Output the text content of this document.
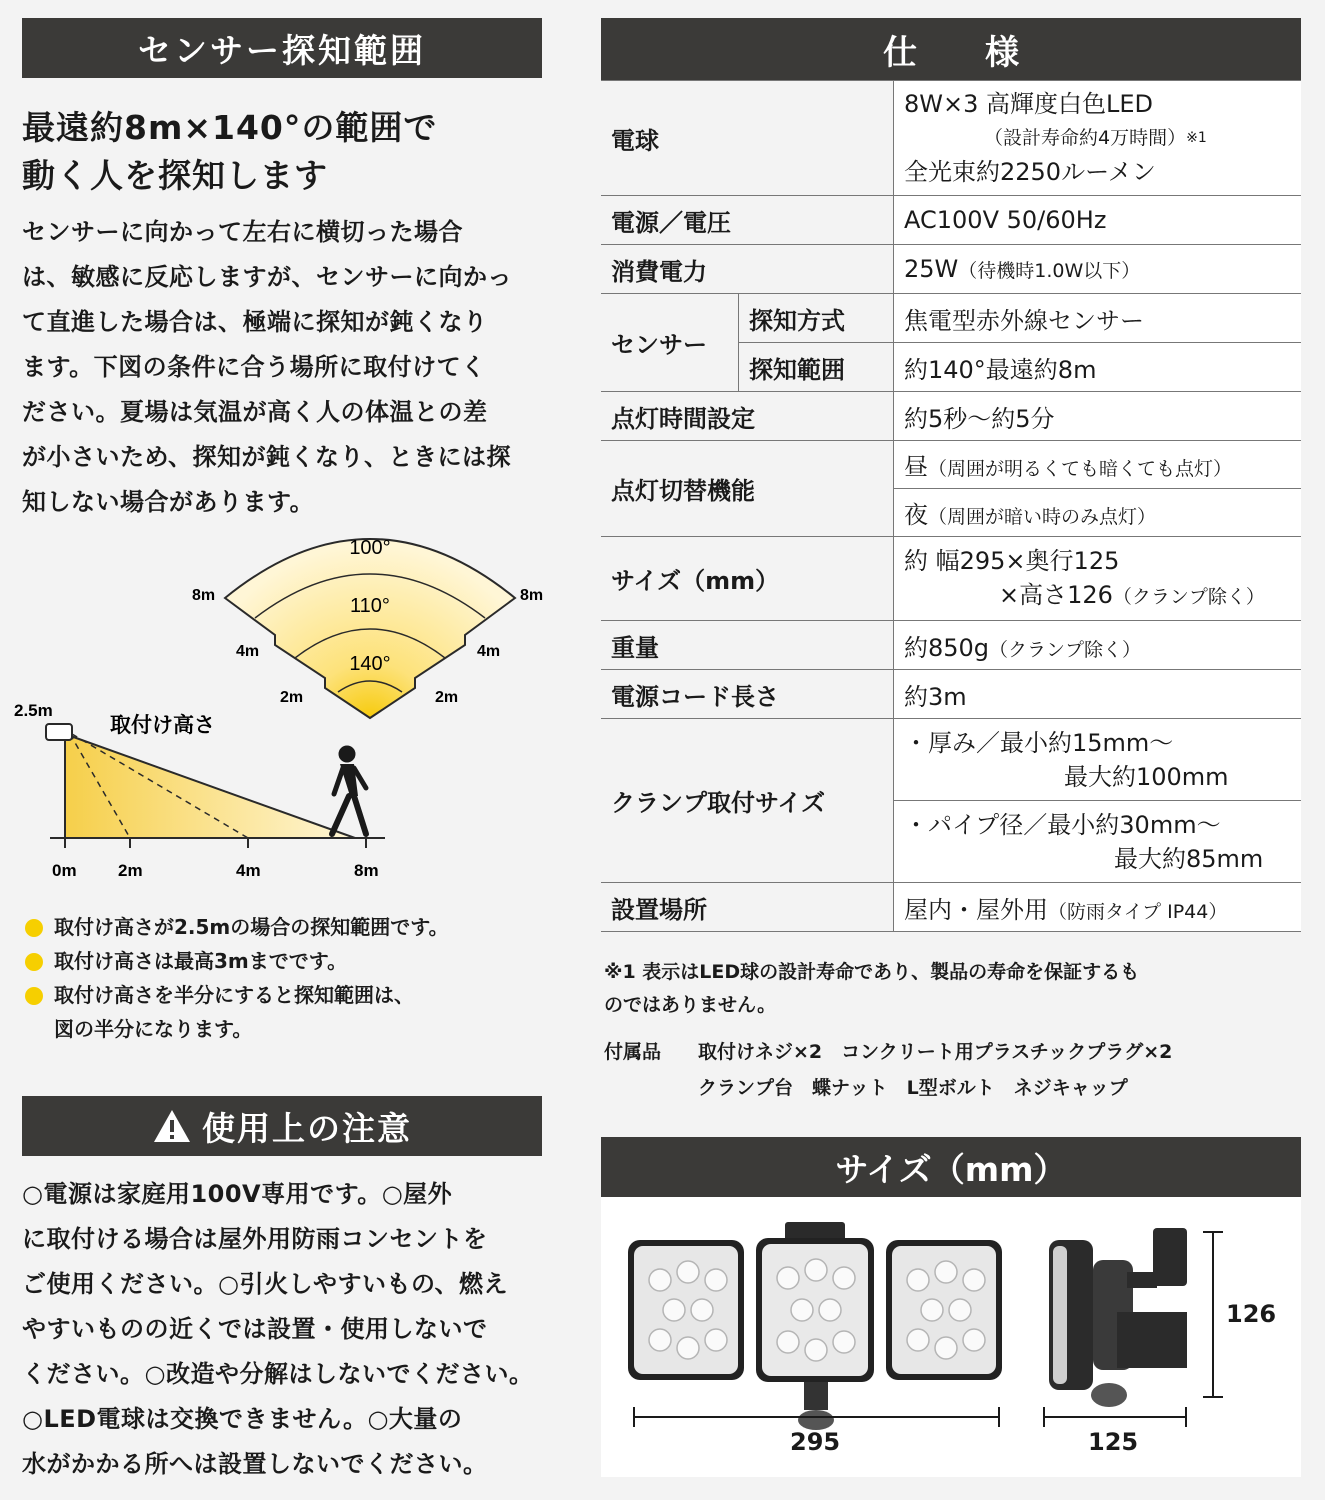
センサー探知範囲
最遠約8m×140°の範囲で
動く人を探知します
センサーに向かって左右に横切った場合
は、敏感に反応しますが、センサーに向かっ
て直進した場合は、極端に探知が鈍くなり
ます。下図の条件に合う場所に取付けてく
ださい。夏場は気温が高く人の体温との差
が小さいため、探知が鈍くなり、ときには探
知しない場合があります。
100°
110°
140°
8m	8m
4m	4m
2m	2m
2.5m
取付け高さ
0m 2m	4m	8m
取付け高さが2.5mの場合の探知範囲です。
取付け高さは最高3mまでです。
取付け高さを半分にすると探知範囲は、
図の半分になります。
使用上の注意
○電源は家庭用100V専用です。○屋外
に取付ける場合は屋外用防雨コンセントを
ご使用ください。○引火しやすいもの、燃え
やすいものの近くでは設置・使用しないで
ください。○改造や分解はしないでください。
○LED電球は交換できません。○大量の
水がかかる所へは設置しないでください。
仕　　様
電球		8W×3 高輝度白色LED
（設計寿命約4万時間）$^{※1}$
全光束約2250ルーメン

電源／電圧		AC100V 50/60Hz
消費電力		25W（待機時1.0W以下）
センサー	探知方式	焦電型赤外線センサー
	探知範囲	約140°最遠約8m
点灯時間設定		約5秒～約5分
点灯切替機能		昼（周囲が明るくても暗くても点灯）
		夜（周囲が暗い時のみ点灯）
サイズ（mm）		約 幅295×奥行125
×高さ126（クランプ除く）

重量		約850g（クランプ除く）
電源コード長さ		約3m
クランプ取付サイズ		・厚み／最小約15mm～
最大約100mm

		・パイプ径／最小約30mm～
最大約85mm

設置場所		屋内・屋外用（防雨タイプ IP44）
※1 表示はLED球の設計寿命であり、製品の寿命を保証するも
のではありません。
付属品 取付けネジ×2　コンクリート用プラスチックプラグ×2
クランプ台　蝶ナット　L型ボルト　ネジキャップ
サイズ（mm）
295	125
126
